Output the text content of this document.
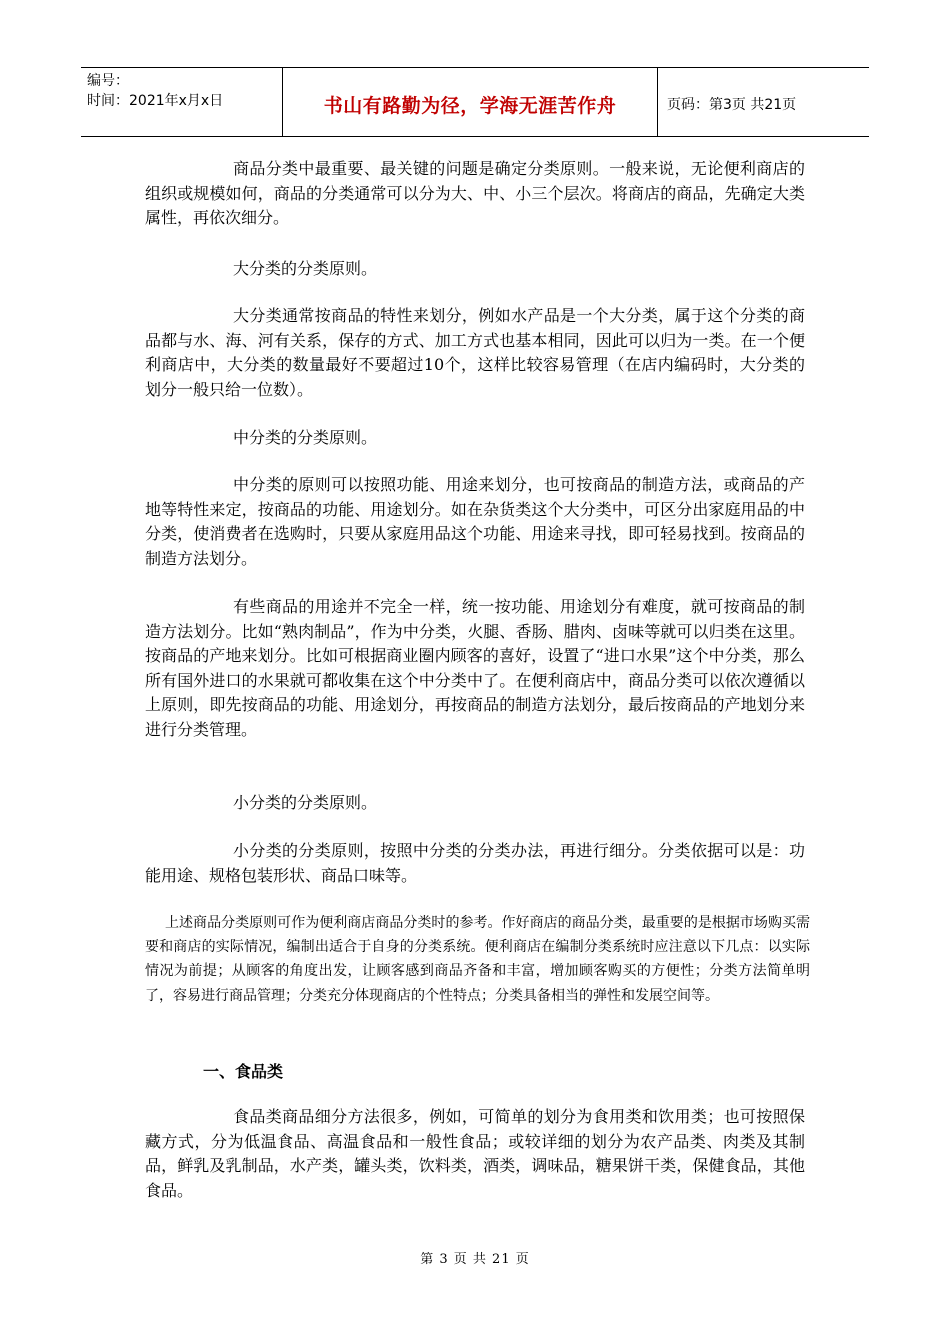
编号：
时间：2021年x月x日	书山有路勤为径，学海无涯苦作舟	页码：第3页 共21页

商品分类中最重要、最关键的问题是确定分类原则。一般来说，无论便利商店的组织或规模如何，商品的分类通常可以分为大、中、小三个层次。将商店的商品，先确定大类属性，再依次细分。

大分类的分类原则。

大分类通常按商品的特性来划分，例如水产品是一个大分类，属于这个分类的商品都与水、海、河有关系，保存的方式、加工方式也基本相同，因此可以归为一类。在一个便利商店中，大分类的数量最好不要超过10个，这样比较容易管理（在店内编码时，大分类的划分一般只给一位数）。

中分类的分类原则。

中分类的原则可以按照功能、用途来划分，也可按商品的制造方法，或商品的产地等特性来定，按商品的功能、用途划分。如在杂货类这个大分类中，可区分出家庭用品的中分类，使消费者在选购时，只要从家庭用品这个功能、用途来寻找，即可轻易找到。按商品的制造方法划分。

有些商品的用途并不完全一样，统一按功能、用途划分有难度，就可按商品的制造方法划分。比如“熟肉制品”，作为中分类，火腿、香肠、腊肉、卤味等就可以归类在这里。按商品的产地来划分。比如可根据商业圈内顾客的喜好，设置了“进口水果”这个中分类，那么所有国外进口的水果就可都收集在这个中分类中了。在便利商店中，商品分类可以依次遵循以上原则，即先按商品的功能、用途划分，再按商品的制造方法划分，最后按商品的产地划分来进行分类管理。

小分类的分类原则。

小分类的分类原则，按照中分类的分类办法，再进行细分。分类依据可以是：功能用途、规格包装形状、商品口味等。

上述商品分类原则可作为便利商店商品分类时的参考。作好商店的商品分类，最重要的是根据市场购买需要和商店的实际情况，编制出适合于自身的分类系统。便利商店在编制分类系统时应注意以下几点：以实际情况为前提；从顾客的角度出发，让顾客感到商品齐备和丰富，增加顾客购买的方便性；分类方法简单明了，容易进行商品管理；分类充分体现商店的个性特点；分类具备相当的弹性和发展空间等。

一、食品类

食品类商品细分方法很多，例如，可简单的划分为食用类和饮用类；也可按照保藏方式，分为低温食品、高温食品和一般性食品；或较详细的划分为农产品类、肉类及其制品，鲜乳及乳制品，水产类，罐头类，饮料类，酒类，调味品，糖果饼干类，保健食品，其他食品。

第 3 页 共 21 页
